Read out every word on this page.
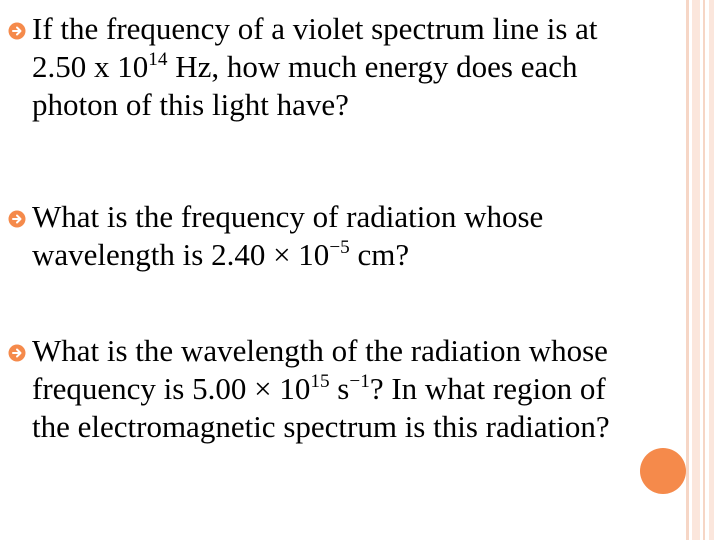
If the frequency of a violet spectrum line is at
2.50 x $10^{14}$ Hz, how much energy does each
photon of this light have?
What is the frequency of radiation whose
wavelength is $2.40 \times 10^{-5}$ cm?
What is the wavelength of the radiation whose
frequency is $5.00 \times 10^{15}$ $s^{-1}$? In what region of
the electromagnetic spectrum is this radiation?
